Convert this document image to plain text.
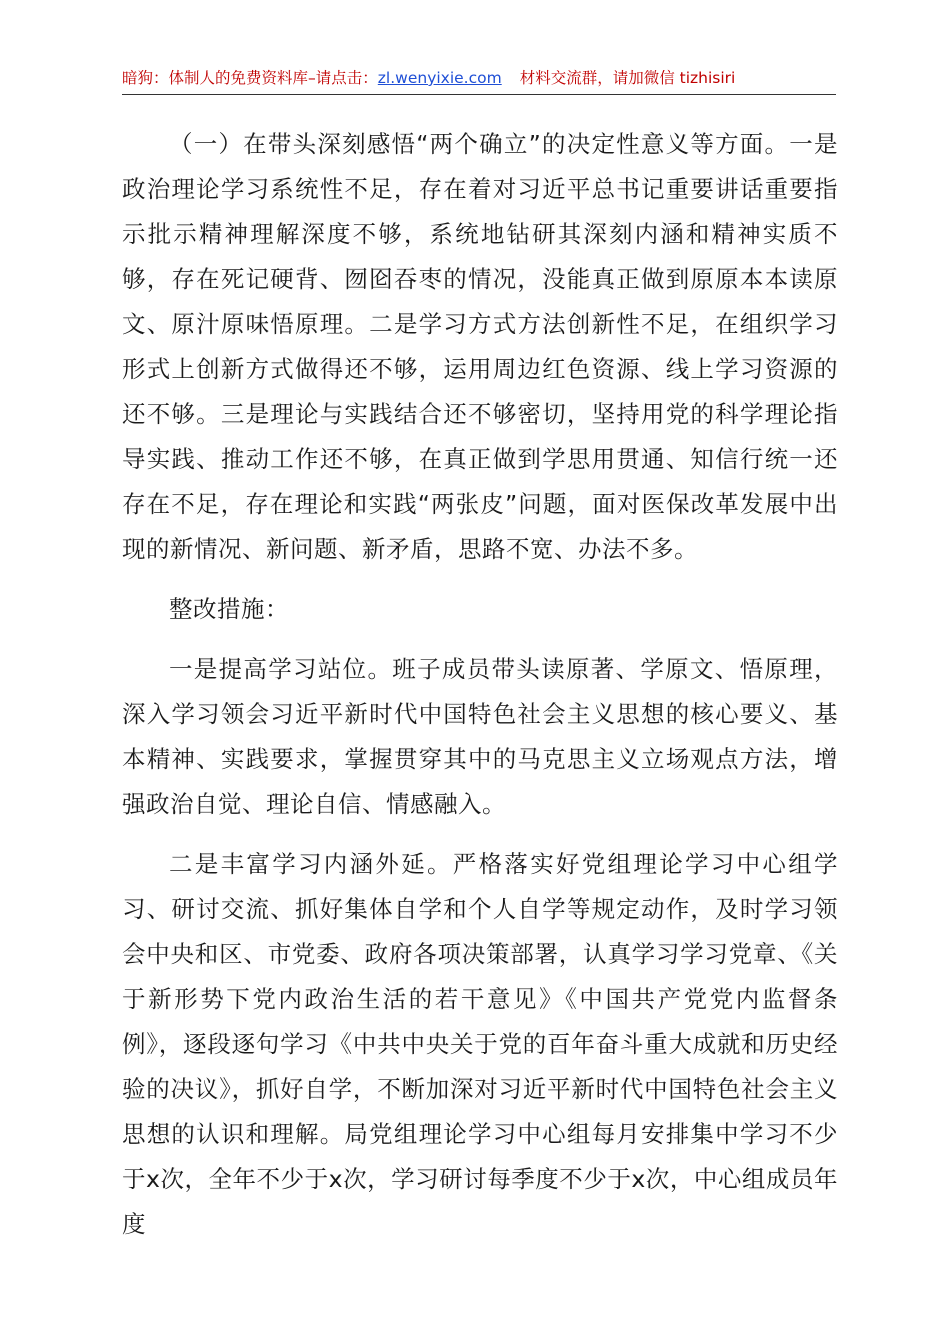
暗狗：体制人的免费资料库–请点击：zl.wenyixie.com 材料交流群，请加微信 tizhisiri

（一）在带头深刻感悟“两个确立”的决定性意义等方面。一是政治理论学习系统性不足，存在着对习近平总书记重要讲话重要指示批示精神理解深度不够，系统地钻研其深刻内涵和精神实质不够，存在死记硬背、囫囵吞枣的情况，没能真正做到原原本本读原文、原汁原味悟原理。二是学习方式方法创新性不足，在组织学习形式上创新方式做得还不够，运用周边红色资源、线上学习资源的还不够。三是理论与实践结合还不够密切，坚持用党的科学理论指导实践、推动工作还不够，在真正做到学思用贯通、知信行统一还存在不足，存在理论和实践“两张皮”问题，面对医保改革发展中出现的新情况、新问题、新矛盾，思路不宽、办法不多。

整改措施：

一是提高学习站位。班子成员带头读原著、学原文、悟原理，深入学习领会习近平新时代中国特色社会主义思想的核心要义、基本精神、实践要求，掌握贯穿其中的马克思主义立场观点方法，增强政治自觉、理论自信、情感融入。

二是丰富学习内涵外延。严格落实好党组理论学习中心组学习、研讨交流、抓好集体自学和个人自学等规定动作，及时学习领会中央和区、市党委、政府各项决策部署，认真学习学习党章、《关于新形势下党内政治生活的若干意见》《中国共产党党内监督条例》，逐段逐句学习《中共中央关于党的百年奋斗重大成就和历史经验的决议》，抓好自学，不断加深对习近平新时代中国特色社会主义思想的认识和理解。局党组理论学习中心组每月安排集中学习不少于x次，全年不少于x次，学习研讨每季度不少于x次，中心组成员年度
